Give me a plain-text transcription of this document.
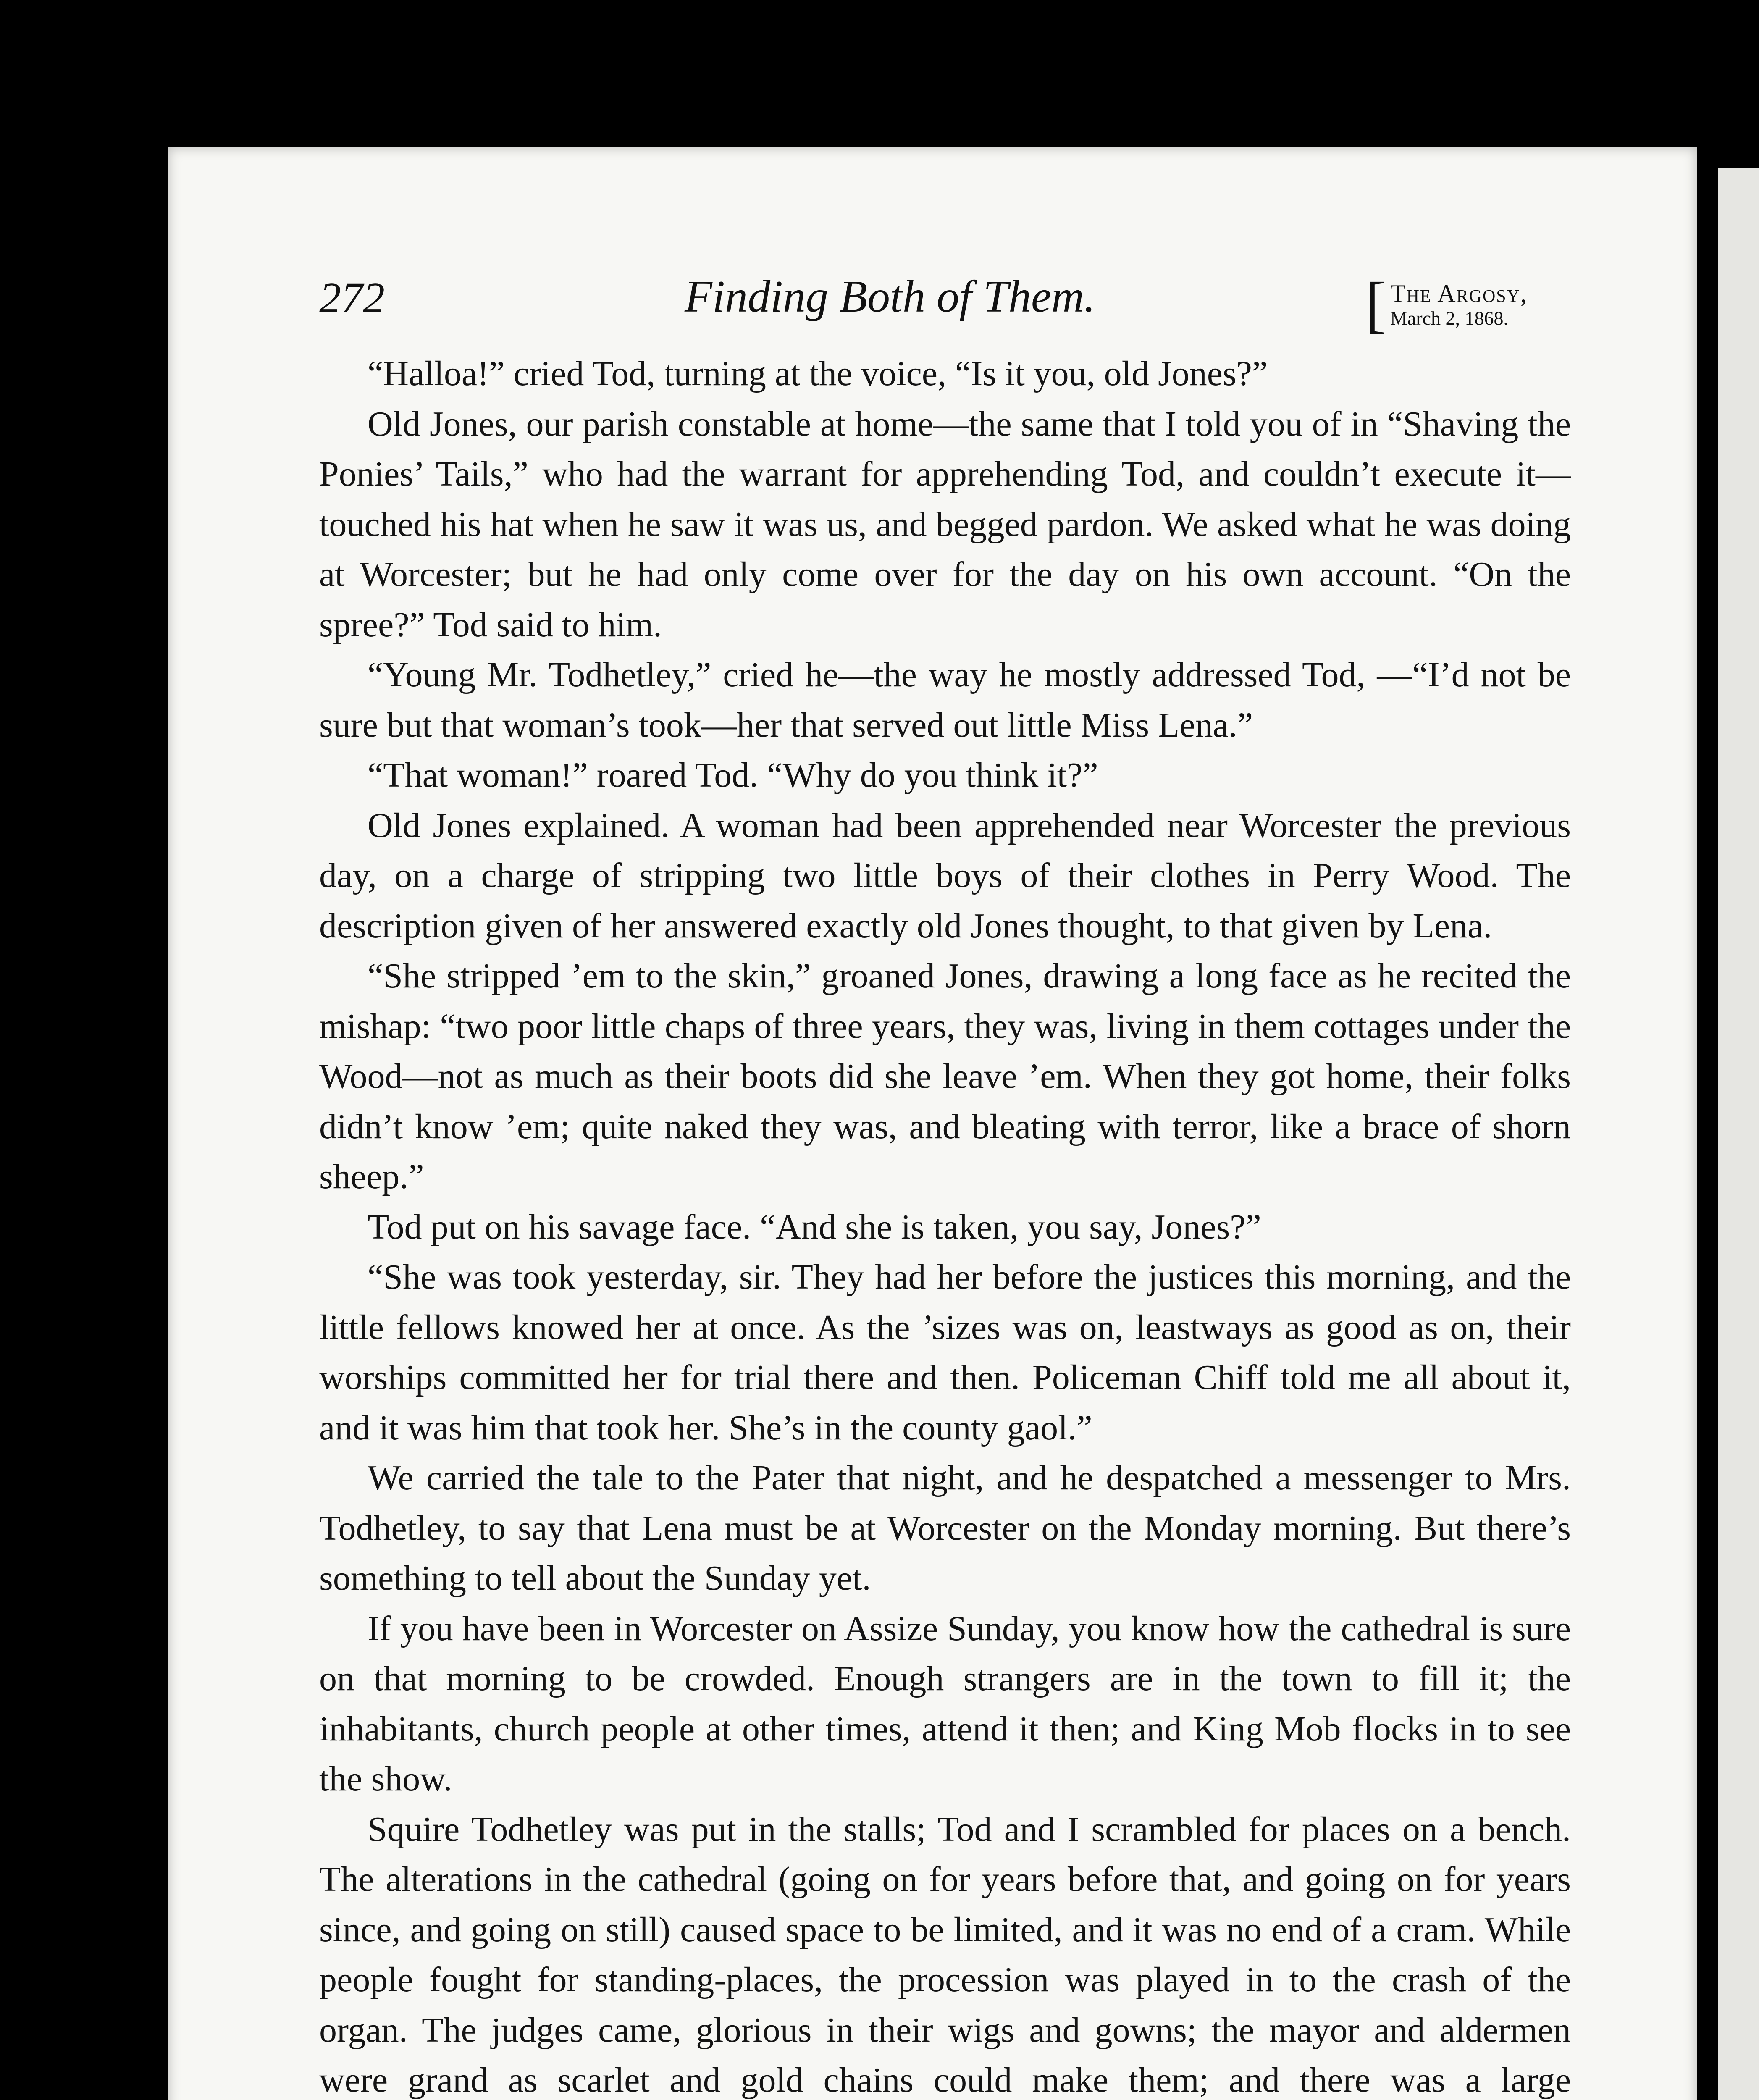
272	Finding Both of Them.	[ The Argosy,
March 2, 1868.

“Halloa!” cried Tod, turning at the voice, “Is it you, old Jones?”

Old Jones, our parish constable at home—the same that I told you of in “Shaving the Ponies’ Tails,” who had the warrant for apprehending Tod, and couldn’t execute it—touched his hat when he saw it was us, and begged pardon. We asked what he was doing at Worcester; but he had only come over for the day on his own account. “On the spree?” Tod said to him.

“Young Mr. Todhetley,” cried he—the way he mostly addressed Tod, —“I’d not be sure but that woman’s took—her that served out little Miss Lena.”

“That woman!” roared Tod. “Why do you think it?”

Old Jones explained. A woman had been apprehended near Worcester the previous day, on a charge of stripping two little boys of their clothes in Perry Wood. The description given of her answered exactly old Jones thought, to that given by Lena.

“She stripped ’em to the skin,” groaned Jones, drawing a long face as he recited the mishap: “two poor little chaps of three years, they was, living in them cottages under the Wood—not as much as their boots did she leave ’em. When they got home, their folks didn’t know ’em; quite naked they was, and bleating with terror, like a brace of shorn sheep.”

Tod put on his savage face. “And she is taken, you say, Jones?”

“She was took yesterday, sir. They had her before the justices this morning, and the little fellows knowed her at once. As the ’sizes was on, leastways as good as on, their worships committed her for trial there and then. Policeman Chiff told me all about it, and it was him that took her. She’s in the county gaol.”

We carried the tale to the Pater that night, and he despatched a messenger to Mrs. Todhetley, to say that Lena must be at Worcester on the Monday morning. But there’s something to tell about the Sunday yet.

If you have been in Worcester on Assize Sunday, you know how the cathedral is sure on that morning to be crowded. Enough strangers are in the town to fill it; the inhabitants, church people at other times, attend it then; and King Mob flocks in to see the show.

Squire Todhetley was put in the stalls; Tod and I scrambled for places on a bench. The alterations in the cathedral (going on for years before that, and going on for years since, and going on still) caused space to be limited, and it was no end of a cram. While people fought for standing-places, the procession was played in to the crash of the organ. The judges came, glorious in their wigs and gowns; the mayor and aldermen were grand as scarlet and gold chains could make them; and there was a large
